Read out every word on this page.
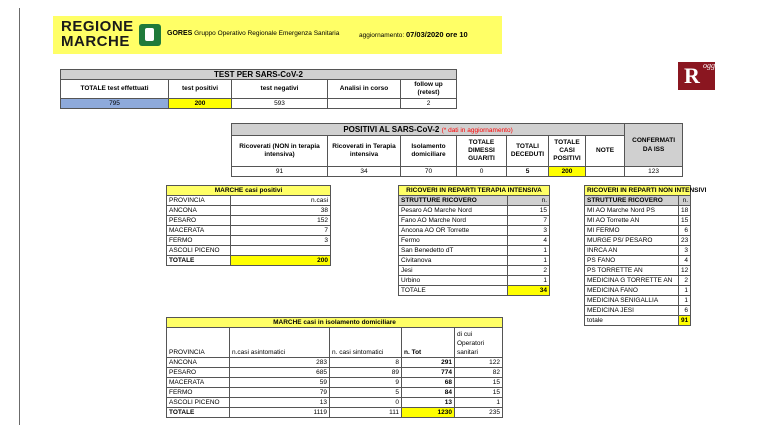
REGIONE
MARCHE	GORES Gruppo Operativo Regionale Emergenza Sanitaria	aggiornamento: 07/03/2020 ore 10
R oggi
TEST PER SARS-CoV-2				
TOTALE test effettuati	test positivi	test negativi	Analisi in corso	follow up (retest)
795	200	593		2
POSITIVI AL SARS-CoV-2 (* dati in aggiornamento)							CONFERMATI DA ISS
Ricoverati (NON in terapia intensiva)	Ricoverati in Terapia intensiva	Isolamento domiciliare	TOTALE DIMESSI GUARITI	TOTALI DECEDUTI	TOTALE CASI POSITIVI	NOTE	
91	34	70	0	5	200		123
MARCHE casi positivi	
PROVINCIA	n.casi
ANCONA	38
PESARO	152
MACERATA	7
FERMO	3
ASCOLI PICENO	
TOTALE	200
RICOVERI IN REPARTI TERAPIA INTENSIVA	
STRUTTURE RICOVERO	n.
Pesaro AO Marche Nord	15
Fano AO Marche Nord	7
Ancona AO OR Torrette	3
Fermo	4
San Benedetto dT	1
Civitanova	1
Jesi	2
Urbino	1
TOTALE	34
RICOVERI IN REPARTI NON INTENSIVI	
STRUTTURE RICOVERO	n.
MI AO Marche Nord PS	18
MI AO Torrette AN	15
MI FERMO	6
MURGE PS/ PESARO	23
INRCA AN	3
PS FANO	4
PS TORRETTE AN	12
MEDICINA G TORRETTE AN	2
MEDICINA FANO	1
MEDICINA SENIGALLIA	1
MEDICINA JESI	6
totale	91
MARCHE casi in isolamento domiciliare				
PROVINCIA	n.casi asintomatici	n. casi sintomatici	n. Tot	di cui Operatori sanitari
ANCONA	283	8	291	122
PESARO	685	89	774	82
MACERATA	59	9	68	15
FERMO	79	5	84	15
ASCOLI PICENO	13	0	13	1
TOTALE	1119	111	1230	235
